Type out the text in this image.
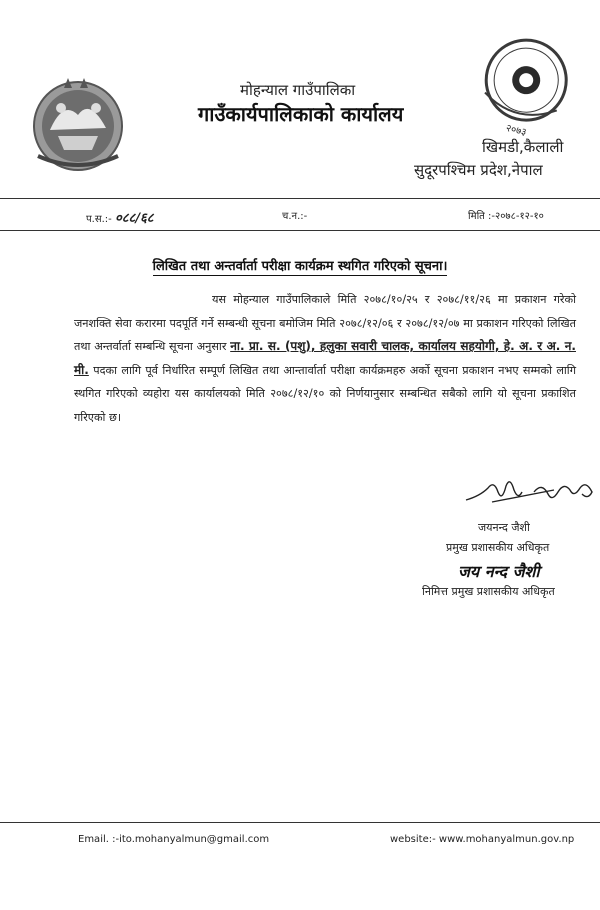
मोहन्याल गाउँपालिका
गाउँकार्यपालिकाको कार्यालय
२०७३
खिमडी,कैलाली
सुदूरपश्चिम प्रदेश,नेपाल
प.स.:- ०८८/६८	च.न.:-	मिति :-२०७८-१२-१०
लिखित तथा अन्तर्वार्ता परीक्षा कार्यक्रम स्थगित गरिएको सूचना।
यस मोहन्याल गाउँपालिकाले मिति २०७८/१०/२५ र २०७८/११/२६ मा प्रकाशन गरेको जनशक्ति सेवा करारमा पदपूर्ति गर्ने सम्बन्धी सूचना बमोजिम मिति २०७८/१२/०६ र २०७८/१२/०७ मा प्रकाशन गरिएको लिखित तथा अन्तर्वार्ता सम्बन्धि सूचना अनुसार ना. प्रा. स. (पशु), हलुका सवारी चालक, कार्यालय सहयोगी, हे. अ. र अ. न. मी. पदका लागि पूर्व निर्धारित सम्पूर्ण लिखित तथा आन्तार्वार्ता परीक्षा कार्यक्रमहरु अर्को सूचना प्रकाशन नभए सम्मको लागि स्थगित गरिएको व्यहोरा यस कार्यालयको मिति २०७८/१२/१० को निर्णयानुसार सम्बन्धित सबैको लागि यो सूचना प्रकाशित गरिएको छ।
जयनन्द जैशी
प्रमुख प्रशासकीय अधिकृत
जय नन्द जैशी
निमित्त प्रमुख प्रशासकीय अधिकृत
Email. :-ito.mohanyalmun@gmail.com	website:- www.mohanyalmun.gov.np
